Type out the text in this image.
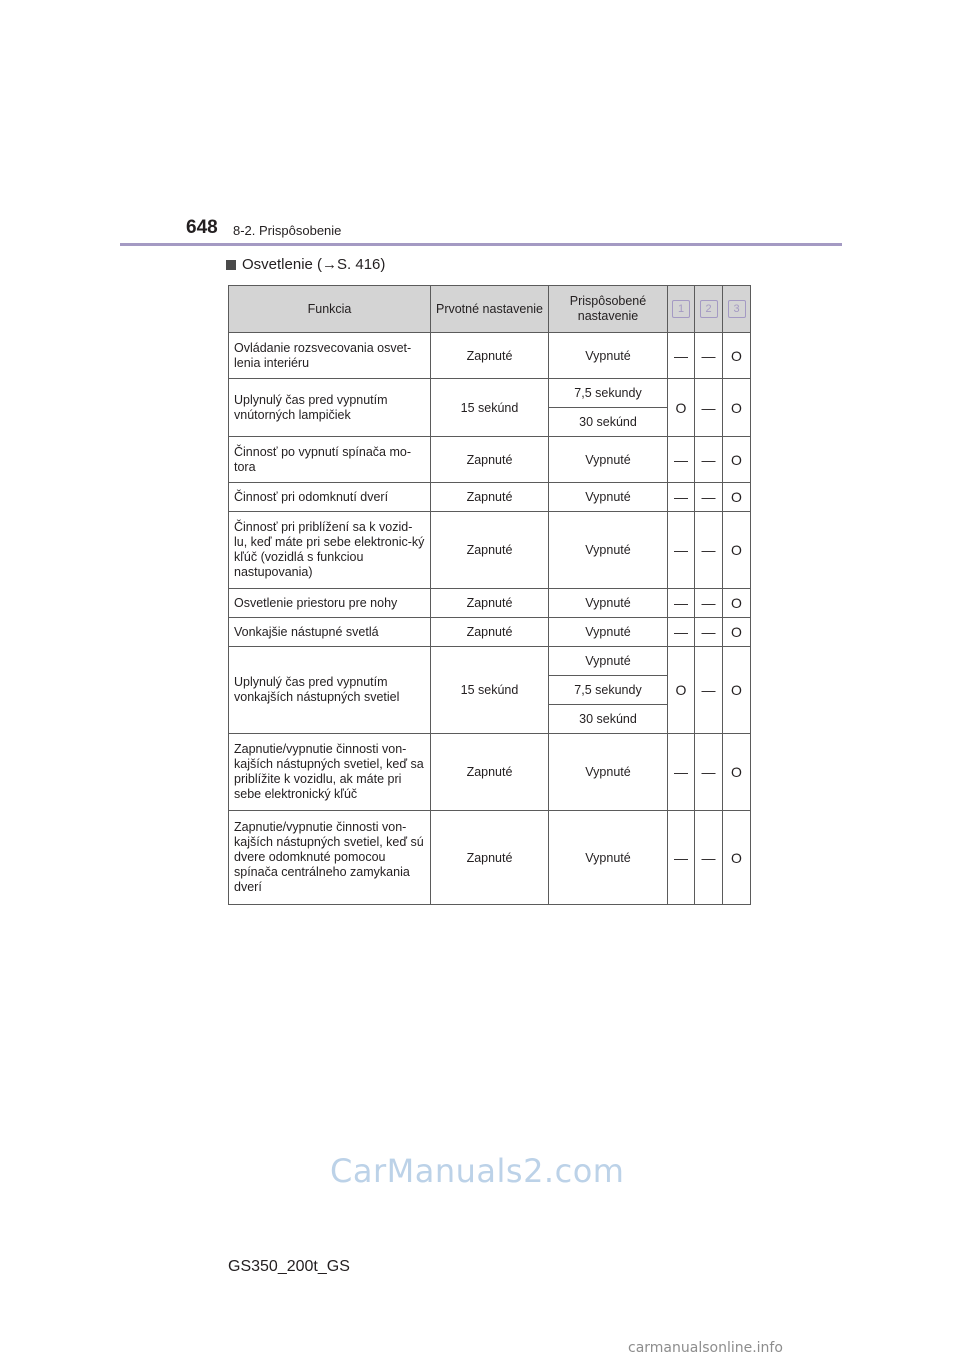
648 8-2. Prispôsobenie
Osvetlenie (→S. 416)
Funkcia	Prvotné nastavenie	Prispôsobené nastavenie	1	2	3
Ovládanie rozsvecovania osvet-lenia interiéru	Zapnuté	Vypnuté	—	—	O
Uplynulý čas pred vypnutím vnútorných lampičiek	15 sekúnd	7,5 sekundy	O	—	O
		30 sekúnd			
Činnosť po vypnutí spínača mo-tora	Zapnuté	Vypnuté	—	—	O
Činnosť pri odomknutí dverí	Zapnuté	Vypnuté	—	—	O
Činnosť pri priblížení sa k vozid-lu, keď máte pri sebe elektronic-ký kľúč (vozidlá s funkciou nastupovania)	Zapnuté	Vypnuté	—	—	O
Osvetlenie priestoru pre nohy	Zapnuté	Vypnuté	—	—	O
Vonkajšie nástupné svetlá	Zapnuté	Vypnuté	—	—	O
Uplynulý čas pred vypnutím vonkajších nástupných svetiel	15 sekúnd	Vypnuté	O	—	O
		7,5 sekundy			
		30 sekúnd			
Zapnutie/vypnutie činnosti von-kajších nástupných svetiel, keď sa priblížite k vozidlu, ak máte pri sebe elektronický kľúč	Zapnuté	Vypnuté	—	—	O
Zapnutie/vypnutie činnosti von-kajších nástupných svetiel, keď sú dvere odomknuté pomocou spínača centrálneho zamykania dverí	Zapnuté	Vypnuté	—	—	O
CarManuals2.com
GS350_200t_GS
carmanualsonline.info
